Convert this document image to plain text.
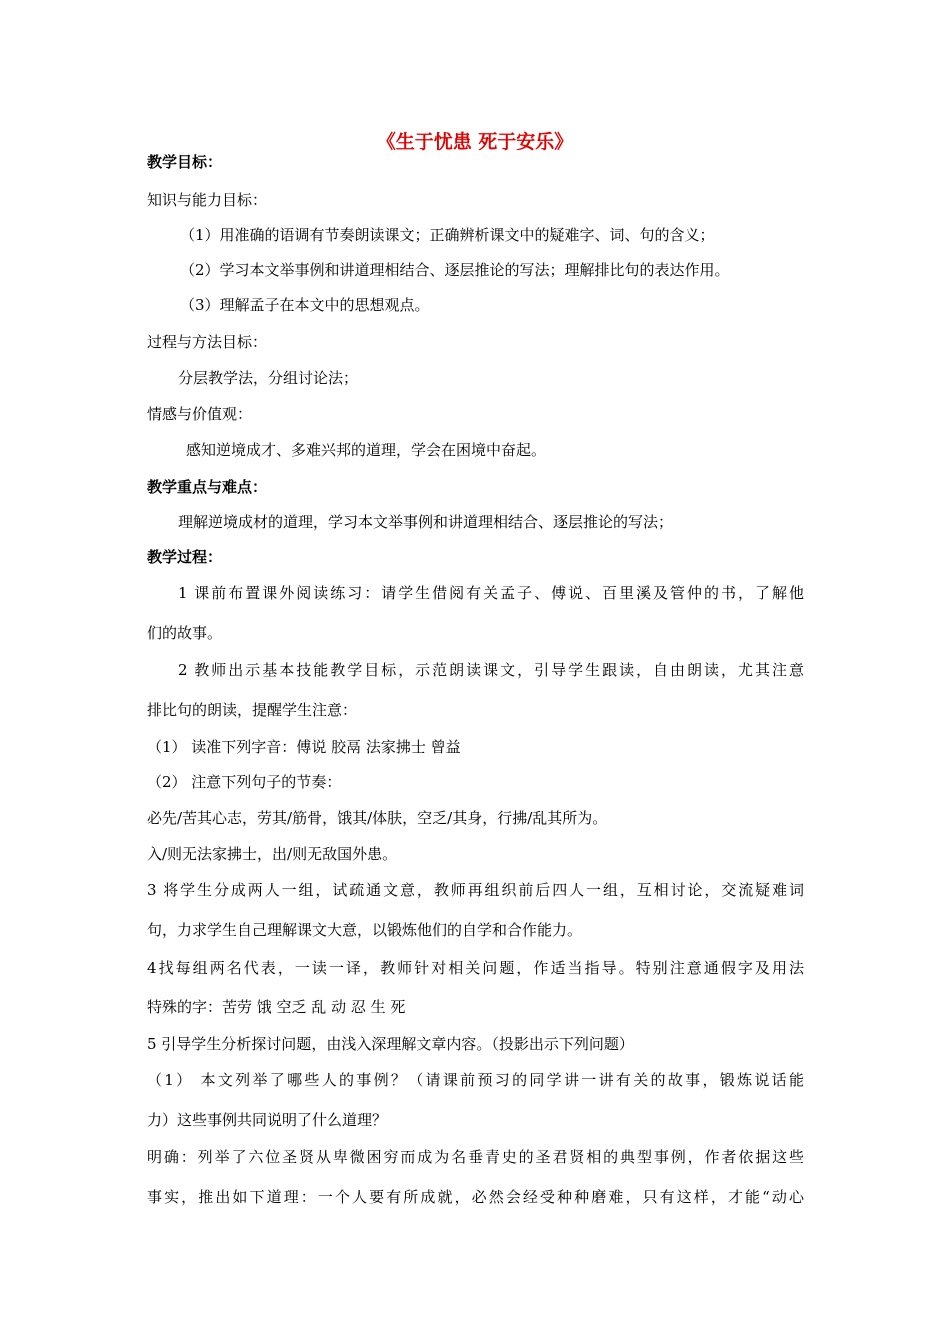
《生于忧患 死于安乐》
教学目标：
知识与能力目标：
（1）用准确的语调有节奏朗读课文；正确辨析课文中的疑难字、词、句的含义；
（2）学习本文举事例和讲道理相结合、逐层推论的写法；理解排比句的表达作用。
（3）理解孟子在本文中的思想观点。
过程与方法目标：
分层教学法，分组讨论法；
情感与价值观：
感知逆境成才、多难兴邦的道理，学会在困境中奋起。
教学重点与难点：
理解逆境成材的道理，学习本文举事例和讲道理相结合、逐层推论的写法；
教学过程：
1 课前布置课外阅读练习：请学生借阅有关孟子、傅说、百里溪及管仲的书，了解他
们的故事。
2 教师出示基本技能教学目标，示范朗读课文，引导学生跟读，自由朗读，尤其注意
排比句的朗读，提醒学生注意：
（1） 读准下列字音：傅说 胶鬲 法家拂士 曾益
（2） 注意下列句子的节奏：
必先/苦其心志，劳其/筋骨，饿其/体肤，空乏/其身，行拂/乱其所为。
入/则无法家拂士，出/则无敌国外患。
3 将学生分成两人一组，试疏通文意，教师再组织前后四人一组，互相讨论，交流疑难词
句，力求学生自己理解课文大意，以锻炼他们的自学和合作能力。
4找每组两名代表，一读一译，教师针对相关问题，作适当指导。特别注意通假字及用法
特殊的字：苦劳 饿 空乏 乱 动 忍 生 死
5 引导学生分析探讨问题，由浅入深理解文章内容。（投影出示下列问题）
（1） 本文列举了哪些人的事例？（请课前预习的同学讲一讲有关的故事，锻炼说话能
力）这些事例共同说明了什么道理？
明确：列举了六位圣贤从卑微困穷而成为名垂青史的圣君贤相的典型事例，作者依据这些
事实，推出如下道理：一个人要有所成就，必然会经受种种磨难，只有这样，才能“动心
